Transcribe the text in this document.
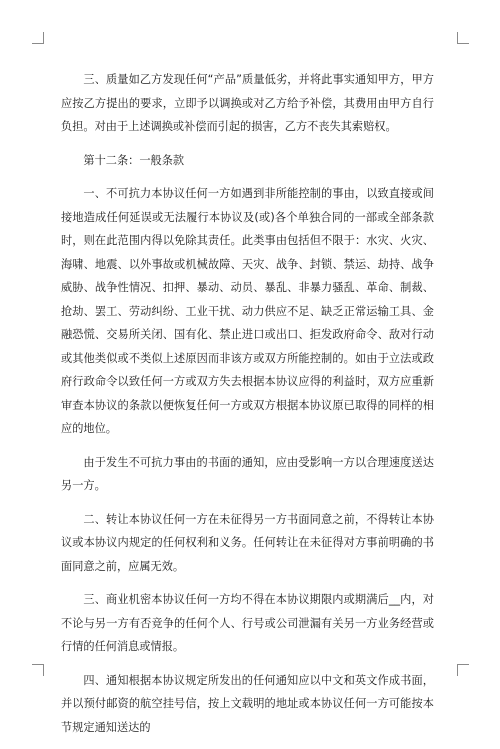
三、质量如乙方发现任何“产品”质量低劣，并将此事实通知甲方，甲方应按乙方提出的要求，立即予以调换或对乙方给予补偿，其费用由甲方自行负担。对由于上述调换或补偿而引起的损害，乙方不丧失其索赔权。

第十二条：一般条款

一、不可抗力本协议任何一方如遇到非所能控制的事由，以致直接或间接地造成任何延误或无法履行本协议及(或)各个单独合同的一部或全部条款时，则在此范围内得以免除其责任。此类事由包括但不限于：水灾、火灾、海啸、地震、以外事故或机械故障、天灾、战争、封锁、禁运、劫持、战争威胁、战争性情况、扣押、暴动、动员、暴乱、非暴力骚乱、革命、制裁、抢劫、罢工、劳动纠纷、工业干扰、动力供应不足、缺乏正常运输工具、金融恐慌、交易所关闭、国有化、禁止进口或出口、拒发政府命令、敌对行动或其他类似或不类似上述原因而非该方或双方所能控制的。如由于立法或政府行政命令以致任何一方或双方失去根据本协议应得的利益时，双方应重新审查本协议的条款以便恢复任何一方或双方根据本协议原已取得的同样的相应的地位。

由于发生不可抗力事由的书面的通知，应由受影响一方以合理速度送达另一方。

二、转让本协议任何一方在未征得另一方书面同意之前，不得转让本协议或本协议内规定的任何权利和义务。任何转让在未征得对方事前明确的书面同意之前，应属无效。

三、商业机密本协议任何一方均不得在本协议期限内或期满后__内，对不论与另一方有否竞争的任何个人、行号或公司泄漏有关另一方业务经营或行情的任何消息或情报。

四、通知根据本协议规定所发出的任何通知应以中文和英文作成书面，并以预付邮资的航空挂号信，按上文载明的地址或本协议任何一方可能按本节规定通知送达的
